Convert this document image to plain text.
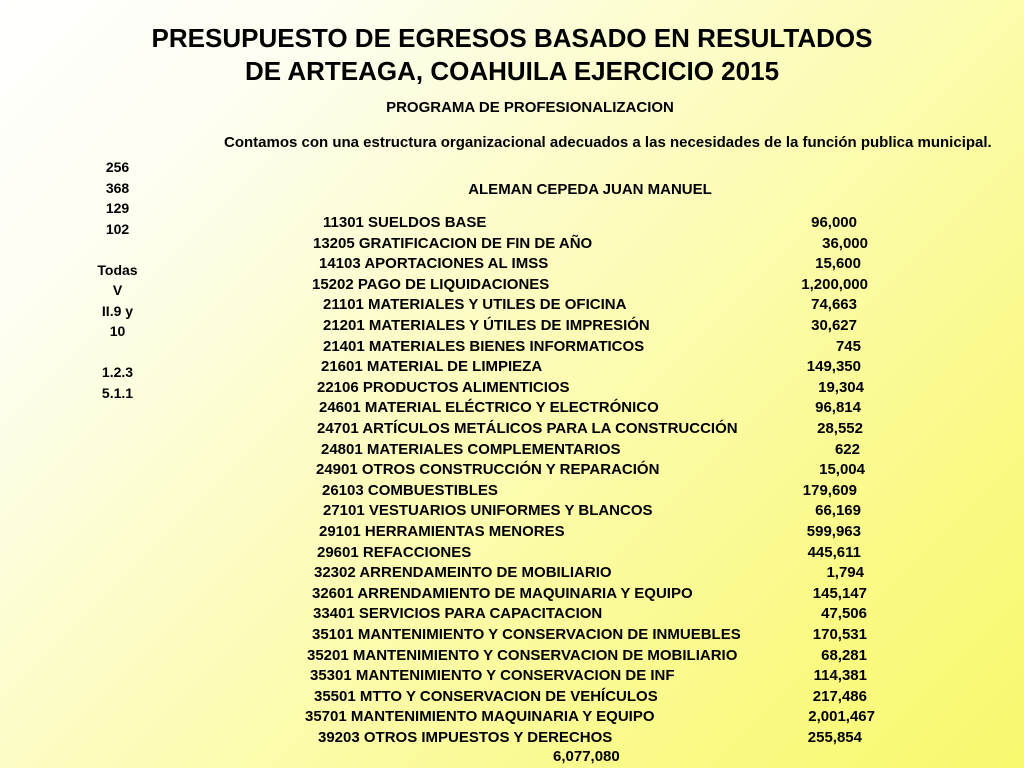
PRESUPUESTO DE EGRESOS BASADO EN RESULTADOS
DE ARTEAGA, COAHUILA EJERCICIO 2015
PROGRAMA DE PROFESIONALIZACION
Contamos con una estructura organizacional adecuados a las necesidades de la función publica municipal.
256
368
129
102
Todas
V
II.9 y
10
1.2.3
5.1.1
ALEMAN CEPEDA JUAN MANUEL
11301 SUELDOS BASE	96,000
13205 GRATIFICACION DE FIN DE AÑO	36,000
14103 APORTACIONES AL IMSS	15,600
15202 PAGO DE LIQUIDACIONES	1,200,000
21101 MATERIALES Y UTILES DE OFICINA	74,663
21201 MATERIALES Y ÚTILES DE IMPRESIÓN	30,627
21401 MATERIALES BIENES INFORMATICOS	745
21601 MATERIAL DE LIMPIEZA	149,350
22106 PRODUCTOS ALIMENTICIOS	19,304
24601 MATERIAL ELÉCTRICO Y ELECTRÓNICO	96,814
24701 ARTÍCULOS METÁLICOS PARA LA CONSTRUCCIÓN	28,552
24801 MATERIALES COMPLEMENTARIOS	622
24901 OTROS CONSTRUCCIÓN Y REPARACIÓN	15,004
26103 COMBUESTIBLES	179,609
27101 VESTUARIOS UNIFORMES Y BLANCOS	66,169
29101 HERRAMIENTAS MENORES	599,963
29601 REFACCIONES	445,611
32302 ARRENDAMEINTO DE MOBILIARIO	1,794
32601 ARRENDAMIENTO DE MAQUINARIA Y EQUIPO	145,147
33401 SERVICIOS PARA CAPACITACION	47,506
35101 MANTENIMIENTO Y CONSERVACION DE INMUEBLES	170,531
35201 MANTENIMIENTO Y CONSERVACION DE MOBILIARIO	68,281
35301 MANTENIMIENTO Y CONSERVACION DE INF	114,381
35501 MTTO Y CONSERVACION DE VEHÍCULOS	217,486
35701 MANTENIMIENTO MAQUINARIA Y EQUIPO	2,001,467
39203 OTROS IMPUESTOS Y DERECHOS	255,854
6,077,080
